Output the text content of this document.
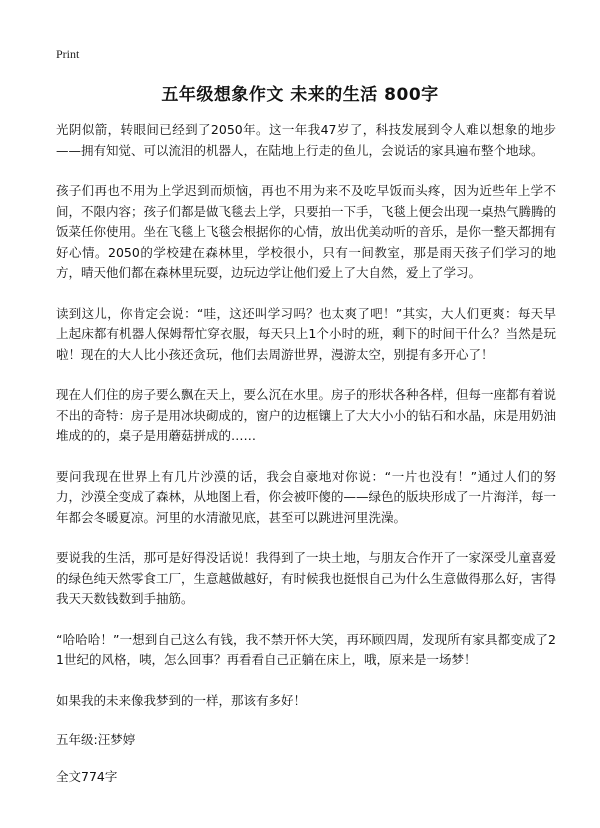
Print
五年级想象作文 未来的生活 800字

光阴似箭，转眼间已经到了2050年。这一年我47岁了，科技发展到令人难以想象的地步——拥有知觉、可以流泪的机器人，在陆地上行走的鱼儿，会说话的家具遍布整个地球。

孩子们再也不用为上学迟到而烦恼，再也不用为来不及吃早饭而头疼，因为近些年上学不间，不限内容；孩子们都是做飞毯去上学，只要拍一下手，飞毯上便会出现一桌热气腾腾的饭菜任你使用。坐在飞毯上飞毯会根据你的心情，放出优美动听的音乐，是你一整天都拥有好心情。2050的学校建在森林里，学校很小，只有一间教室，那是雨天孩子们学习的地方，晴天他们都在森林里玩耍，边玩边学让他们爱上了大自然，爱上了学习。

读到这儿，你肯定会说：“哇，这还叫学习吗？也太爽了吧！”其实，大人们更爽：每天早上起床都有机器人保姆帮忙穿衣服，每天只上1个小时的班，剩下的时间干什么？当然是玩啦！现在的大人比小孩还贪玩，他们去周游世界，漫游太空，别提有多开心了！

现在人们住的房子要么飘在天上，要么沉在水里。房子的形状各种各样，但每一座都有着说不出的奇特：房子是用冰块砌成的，窗户的边框镶上了大大小小的钻石和水晶，床是用奶油堆成的的，桌子是用蘑菇拼成的……

要问我现在世界上有几片沙漠的话，我会自豪地对你说：“一片也没有！”通过人们的努力，沙漠全变成了森林，从地图上看，你会被吓傻的——绿色的版块形成了一片海洋，每一年都会冬暖夏凉。河里的水清澈见底，甚至可以跳进河里洗澡。

要说我的生活，那可是好得没话说！我得到了一块土地，与朋友合作开了一家深受儿童喜爱的绿色纯天然零食工厂，生意越做越好，有时候我也挺恨自己为什么生意做得那么好，害得我天天数钱数到手抽筋。

“哈哈哈！”一想到自己这么有钱，我不禁开怀大笑，再环顾四周，发现所有家具都变成了21世纪的风格，咦，怎么回事？再看看自己正躺在床上，哦，原来是一场梦！

如果我的未来像我梦到的一样，那该有多好！

五年级:汪梦婷
全文774字
